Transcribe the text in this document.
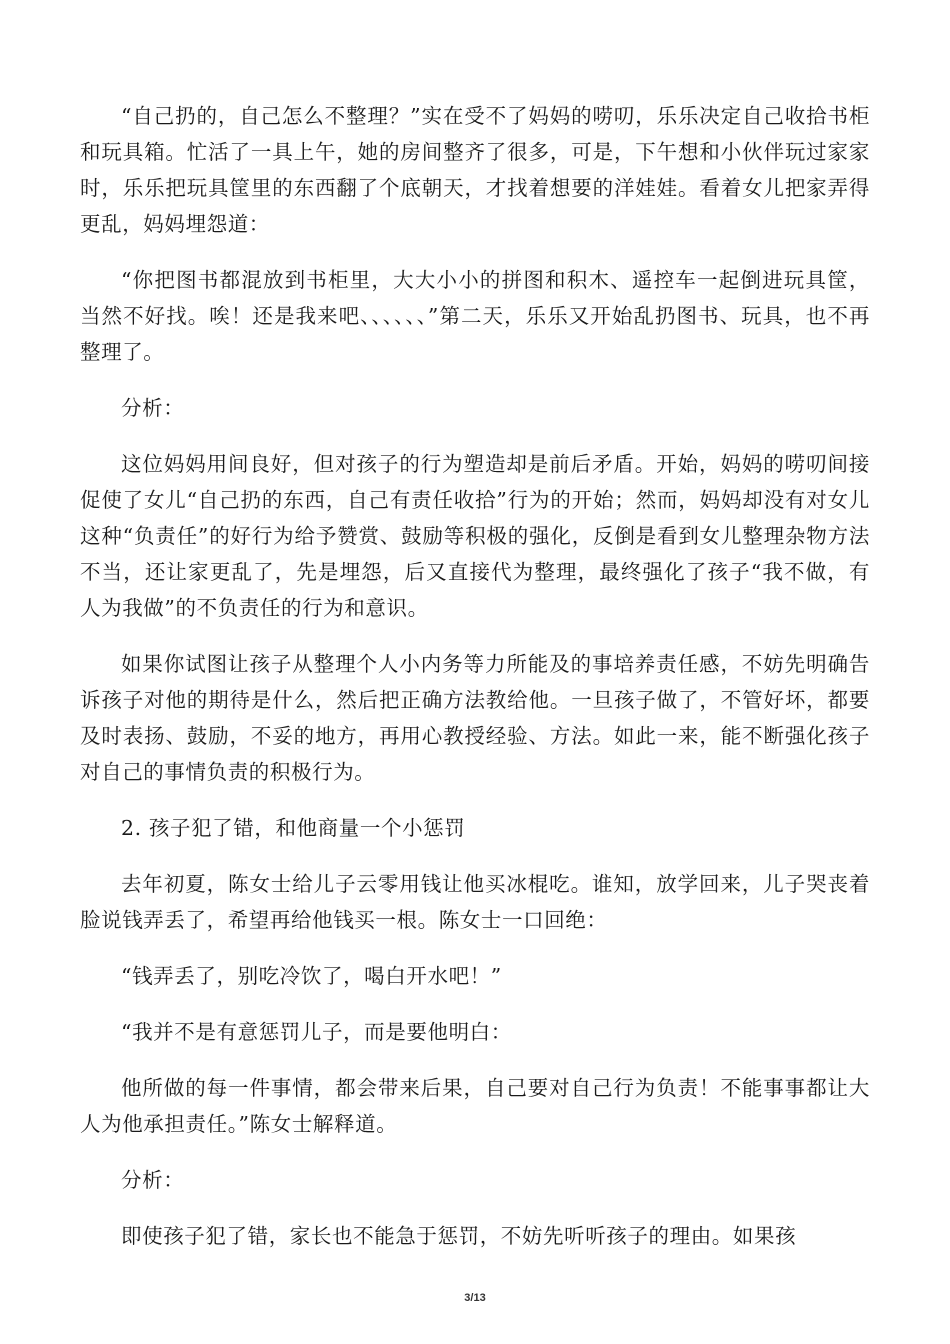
“自己扔的，自己怎么不整理？”实在受不了妈妈的唠叨，乐乐决定自己收拾书柜和玩具箱。忙活了一具上午，她的房间整齐了很多，可是，下午想和小伙伴玩过家家时，乐乐把玩具筐里的东西翻了个底朝天，才找着想要的洋娃娃。看着女儿把家弄得更乱，妈妈埋怨道：

“你把图书都混放到书柜里，大大小小的拼图和积木、遥控车一起倒进玩具筐，当然不好找。唉！还是我来吧、、、、、、”第二天，乐乐又开始乱扔图书、玩具，也不再整理了。

分析：

这位妈妈用间良好，但对孩子的行为塑造却是前后矛盾。开始，妈妈的唠叨间接促使了女儿“自己扔的东西，自己有责任收拾”行为的开始；然而，妈妈却没有对女儿这种“负责任”的好行为给予赞赏、鼓励等积极的强化，反倒是看到女儿整理杂物方法不当，还让家更乱了，先是埋怨，后又直接代为整理，最终强化了孩子“我不做，有人为我做”的不负责任的行为和意识。

如果你试图让孩子从整理个人小内务等力所能及的事培养责任感，不妨先明确告诉孩子对他的期待是什么，然后把正确方法教给他。一旦孩子做了，不管好坏，都要及时表扬、鼓励，不妥的地方，再用心教授经验、方法。如此一来，能不断强化孩子对自己的事情负责的积极行为。

2. 孩子犯了错，和他商量一个小惩罚

去年初夏，陈女士给儿子云零用钱让他买冰棍吃。谁知，放学回来，儿子哭丧着脸说钱弄丢了，希望再给他钱买一根。陈女士一口回绝：

“钱弄丢了，别吃冷饮了，喝白开水吧！”

“我并不是有意惩罚儿子，而是要他明白：

他所做的每一件事情，都会带来后果，自己要对自己行为负责！不能事事都让大人为他承担责任。”陈女士解释道。

分析：

即使孩子犯了错，家长也不能急于惩罚，不妨先听听孩子的理由。如果孩

3/13
